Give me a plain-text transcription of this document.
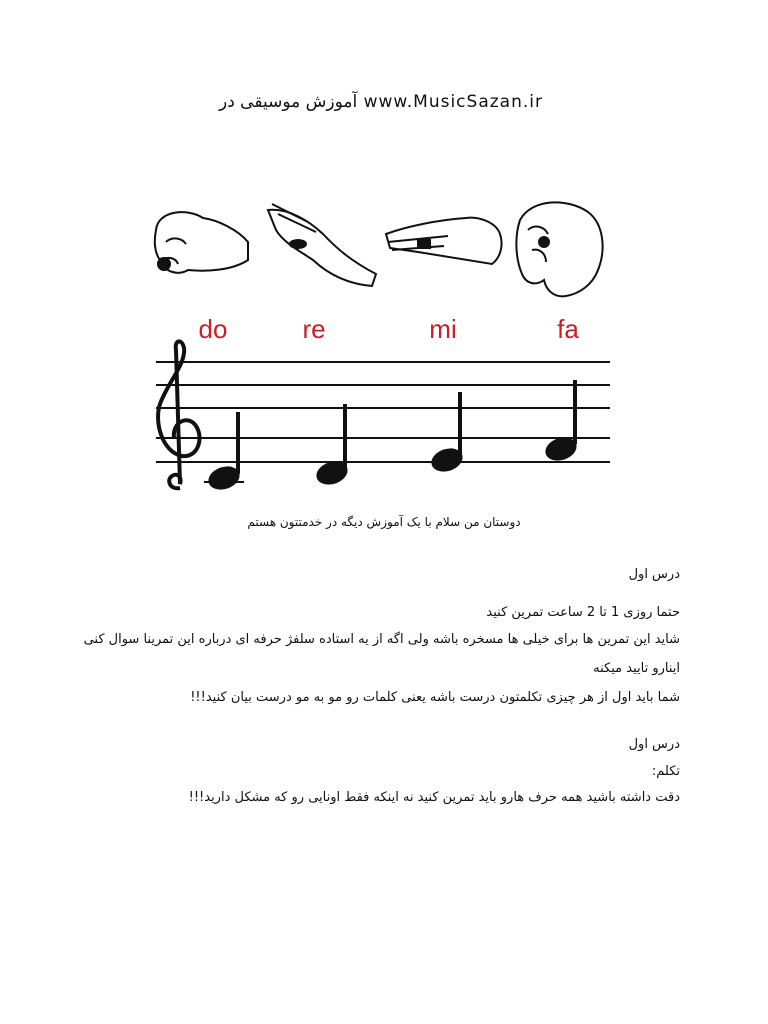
آموزش موسیقی در www.MusicSazan.ir
do	re	mi	fa
دوستان من سلام با یک آموزش دیگه در خدمتتون هستم
درس اول
حتما روزی 1 تا 2 ساعت تمرین کنید
شاید این تمرین ها برای خیلی ها مسخره باشه ولی اگه از یه استاده سلفژ حرفه ای درباره این تمرینا سوال کنی
اینارو تایید میکنه
شما باید اول از هر چیزی تکلمتون درست باشه یعنی کلمات رو مو به مو درست بیان کنید!!!
درس اول
تکلم:
دقت داشته باشید همه حرف هارو باید تمرین کنید نه اینکه فقط اونایی رو که مشکل دارید!!!
